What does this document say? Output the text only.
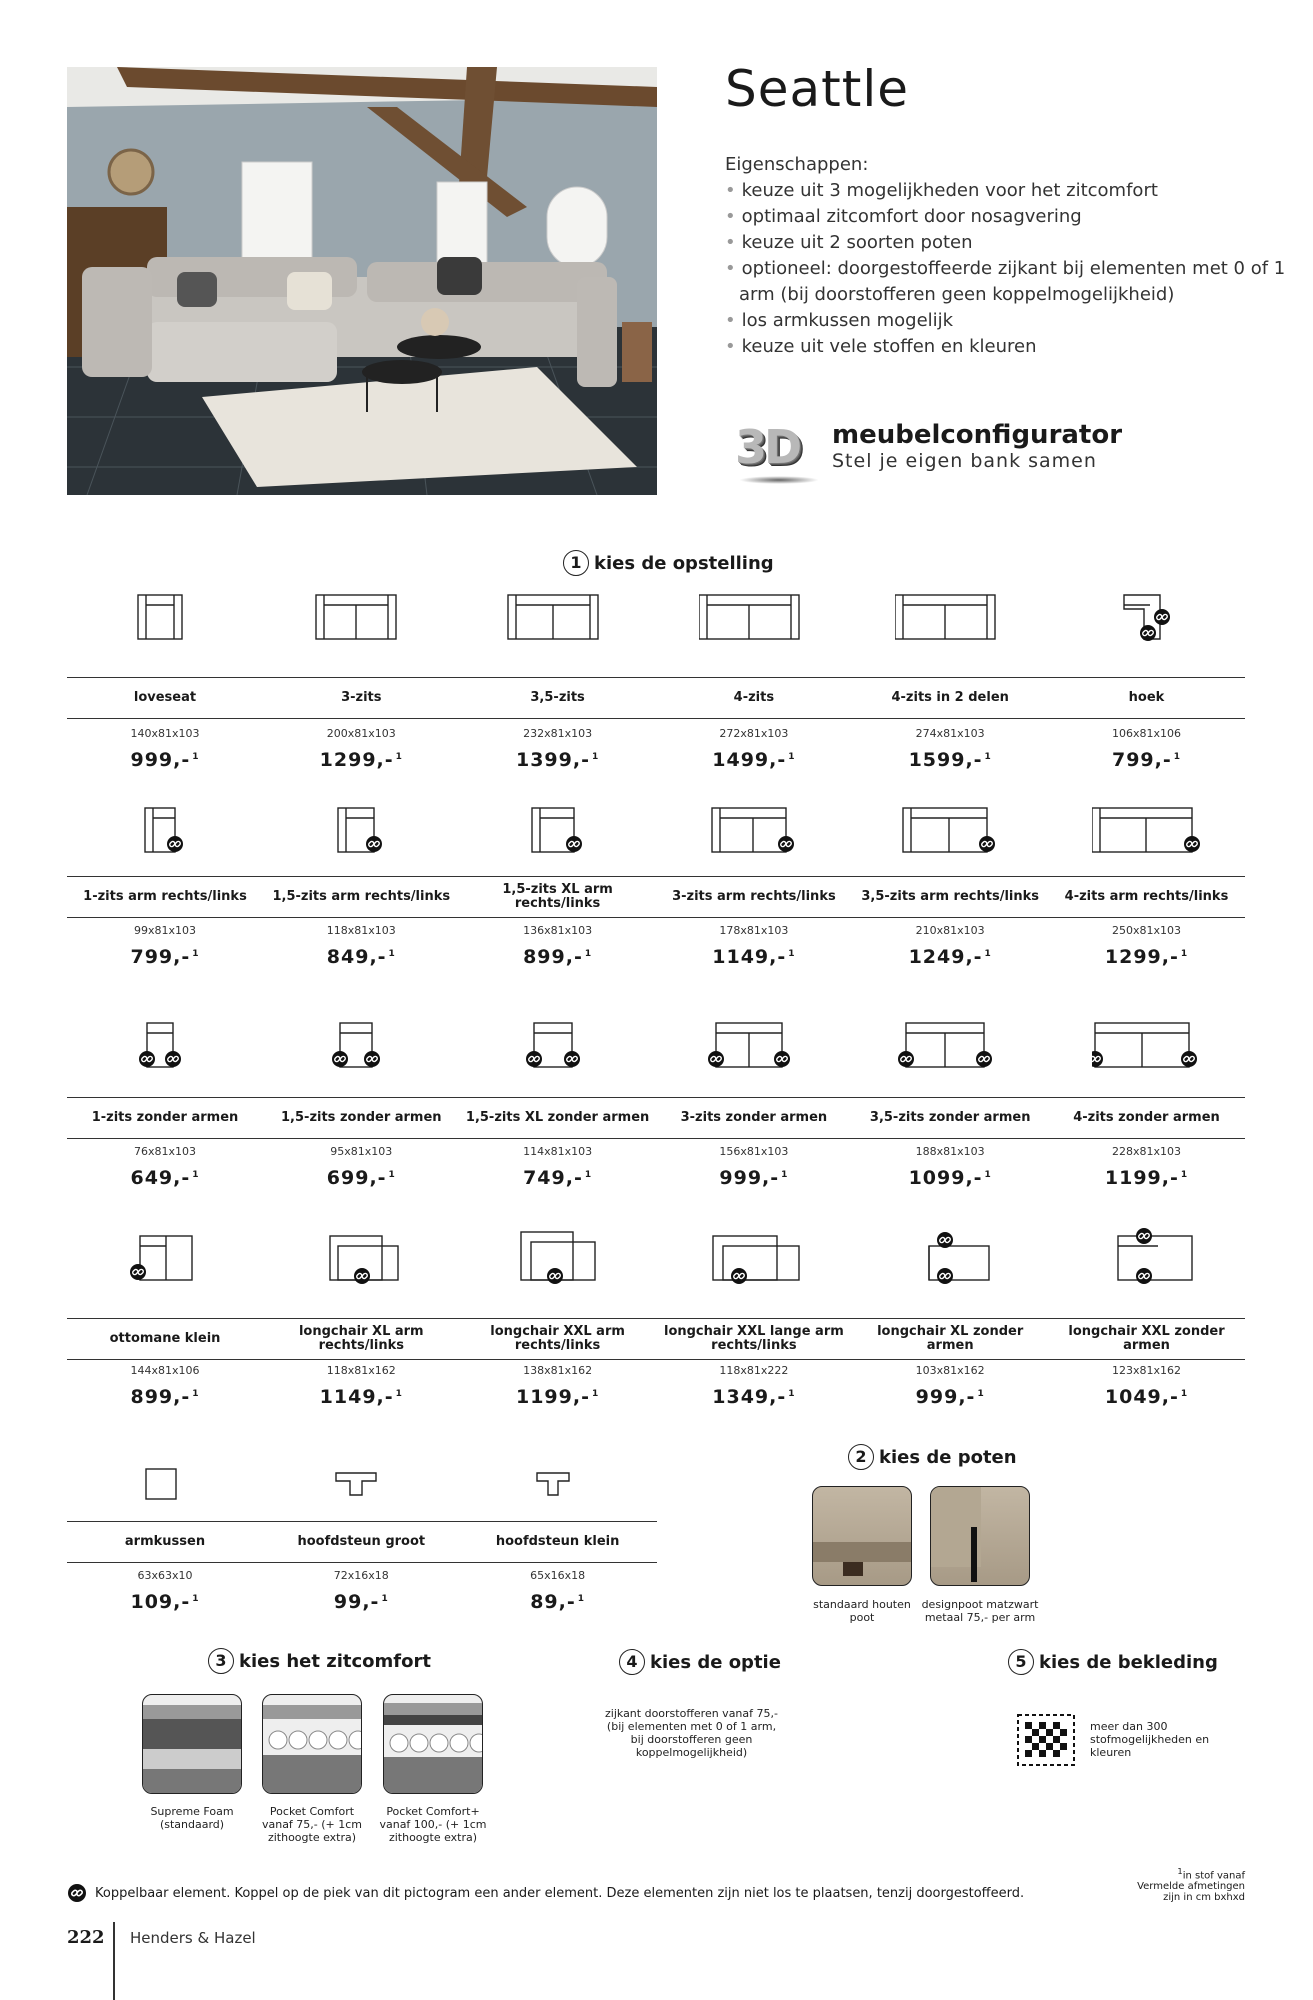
Seattle
Eigenschappen:
• keuze uit 3 mogelijkheden voor het zitcomfort
• optimaal zitcomfort door nosagvering
• keuze uit 2 soorten poten
• optioneel: doorgestoffeerde zijkant bij elementen met 0 of 1 arm (bij doorstofferen geen koppelmogelijkheid)
• los armkussen mogelijk
• keuze uit vele stoffen en kleuren
3D meubelconfigurator
Stel je eigen bank samen
1 kies de opstelling
loveseat
140x81x103
999,- $^1$
3-zits
200x81x103
1299,- $^1$
3,5-zits
232x81x103
1399,- $^1$
4-zits
272x81x103
1499,- $^1$
4-zits in 2 delen
274x81x103
1599,- $^1$
hoek
106x81x106
799,- $^1$
1-zits arm rechts/links
99x81x103
799,- $^1$
1,5-zits arm rechts/links
118x81x103
849,- $^1$
1,5-zits XL arm rechts/links
136x81x103
899,- $^1$
3-zits arm rechts/links
178x81x103
1149,- $^1$
3,5-zits arm rechts/links
210x81x103
1249,- $^1$
4-zits arm rechts/links
250x81x103
1299,- $^1$
1-zits zonder armen
76x81x103
649,- $^1$
1,5-zits zonder armen
95x81x103
699,- $^1$
1,5-zits XL zonder armen
114x81x103
749,- $^1$
3-zits zonder armen
156x81x103
999,- $^1$
3,5-zits zonder armen
188x81x103
1099,- $^1$
4-zits zonder armen
228x81x103
1199,- $^1$
ottomane klein
144x81x106
899,- $^1$
longchair XL arm rechts/links
118x81x162
1149,- $^1$
longchair XXL arm rechts/links
138x81x162
1199,- $^1$
longchair XXL lange arm rechts/links
118x81x222
1349,- $^1$
longchair XL zonder armen
103x81x162
999,- $^1$
longchair XXL zonder armen
123x81x162
1049,- $^1$
armkussen
63x63x10
109,- $^1$
hoofdsteun groot
72x16x18
99,- $^1$
hoofdsteun klein
65x16x18
89,- $^1$
2 kies de poten
standaard houten poot
designpoot matzwart metaal 75,- per arm
3 kies het zitcomfort
Supreme Foam (standaard)
Pocket Comfort vanaf 75,- (+ 1cm zithoogte extra)
Pocket Comfort+ vanaf 100,- (+ 1cm zithoogte extra)
4 kies de optie
zijkant doorstofferen vanaf 75,- (bij elementen met 0 of 1 arm, bij doorstofferen geen koppelmogelijkheid)
5 kies de bekleding
meer dan 300 stofmogelijkheden en kleuren
Koppelbaar element. Koppel op de piek van dit pictogram een ander element. Deze elementen zijn niet los te plaatsen, tenzij doorgestoffeerd.
$^1$in stof vanaf
Vermelde afmetingen
zijn in cm bxhxd
222 Henders & Hazel
